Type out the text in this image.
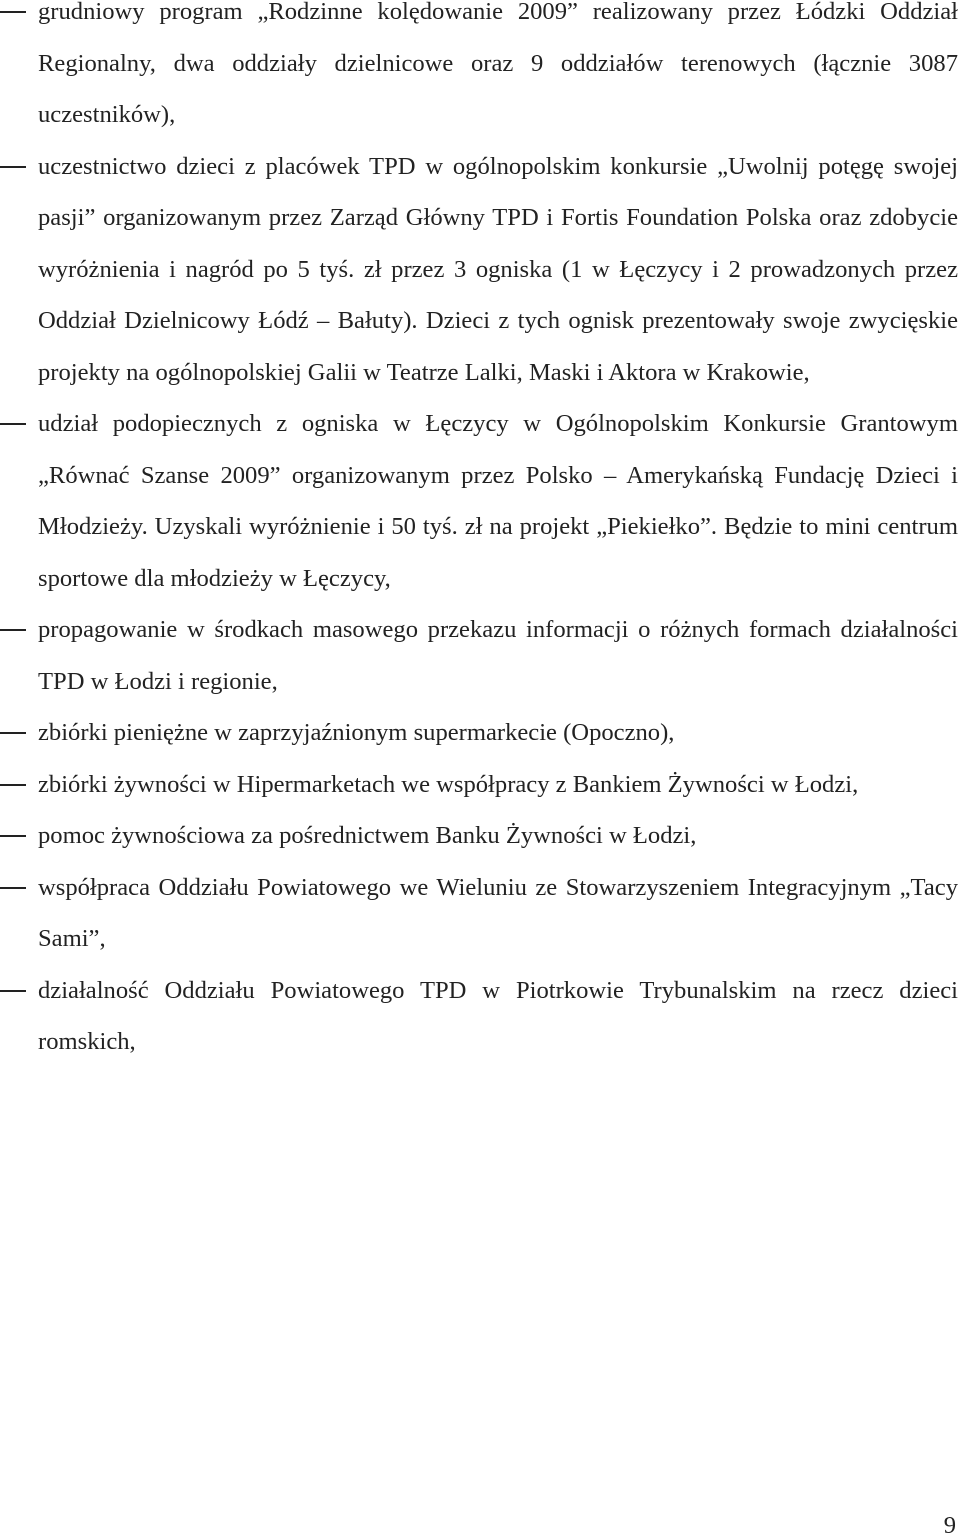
grudniowy program „Rodzinne kolędowanie 2009” realizowany przez Łódzki Oddział Regionalny, dwa oddziały dzielnicowe oraz 9 oddziałów terenowych (łącznie 3087 uczestników),
uczestnictwo dzieci z placówek TPD w ogólnopolskim konkursie „Uwolnij potęgę swojej pasji” organizowanym przez Zarząd Główny TPD i Fortis Foundation Polska oraz zdobycie wyróżnienia i nagród po 5 tyś. zł przez 3 ogniska (1 w Łęczycy i 2 prowadzonych przez Oddział Dzielnicowy Łódź – Bałuty). Dzieci z tych ognisk prezentowały swoje zwycięskie projekty na ogólnopolskiej Galii w Teatrze Lalki, Maski i Aktora w Krakowie,
udział podopiecznych z ogniska w Łęczycy w Ogólnopolskim Konkursie Grantowym „Równać Szanse 2009” organizowanym przez Polsko – Amerykańską Fundację Dzieci i Młodzieży. Uzyskali wyróżnienie i 50 tyś. zł na projekt „Piekiełko”. Będzie to mini centrum sportowe dla młodzieży w Łęczycy,
propagowanie w środkach masowego przekazu informacji o różnych formach działalności TPD w Łodzi i regionie,
zbiórki pieniężne w zaprzyjaźnionym supermarkecie (Opoczno),
zbiórki żywności w Hipermarketach we współpracy z Bankiem Żywności w Łodzi,
pomoc żywnościowa za pośrednictwem Banku Żywności w Łodzi,
współpraca Oddziału Powiatowego we Wieluniu ze Stowarzyszeniem Integracyjnym „Tacy Sami”,
działalność Oddziału Powiatowego TPD w Piotrkowie Trybunalskim na rzecz dzieci romskich,
9
